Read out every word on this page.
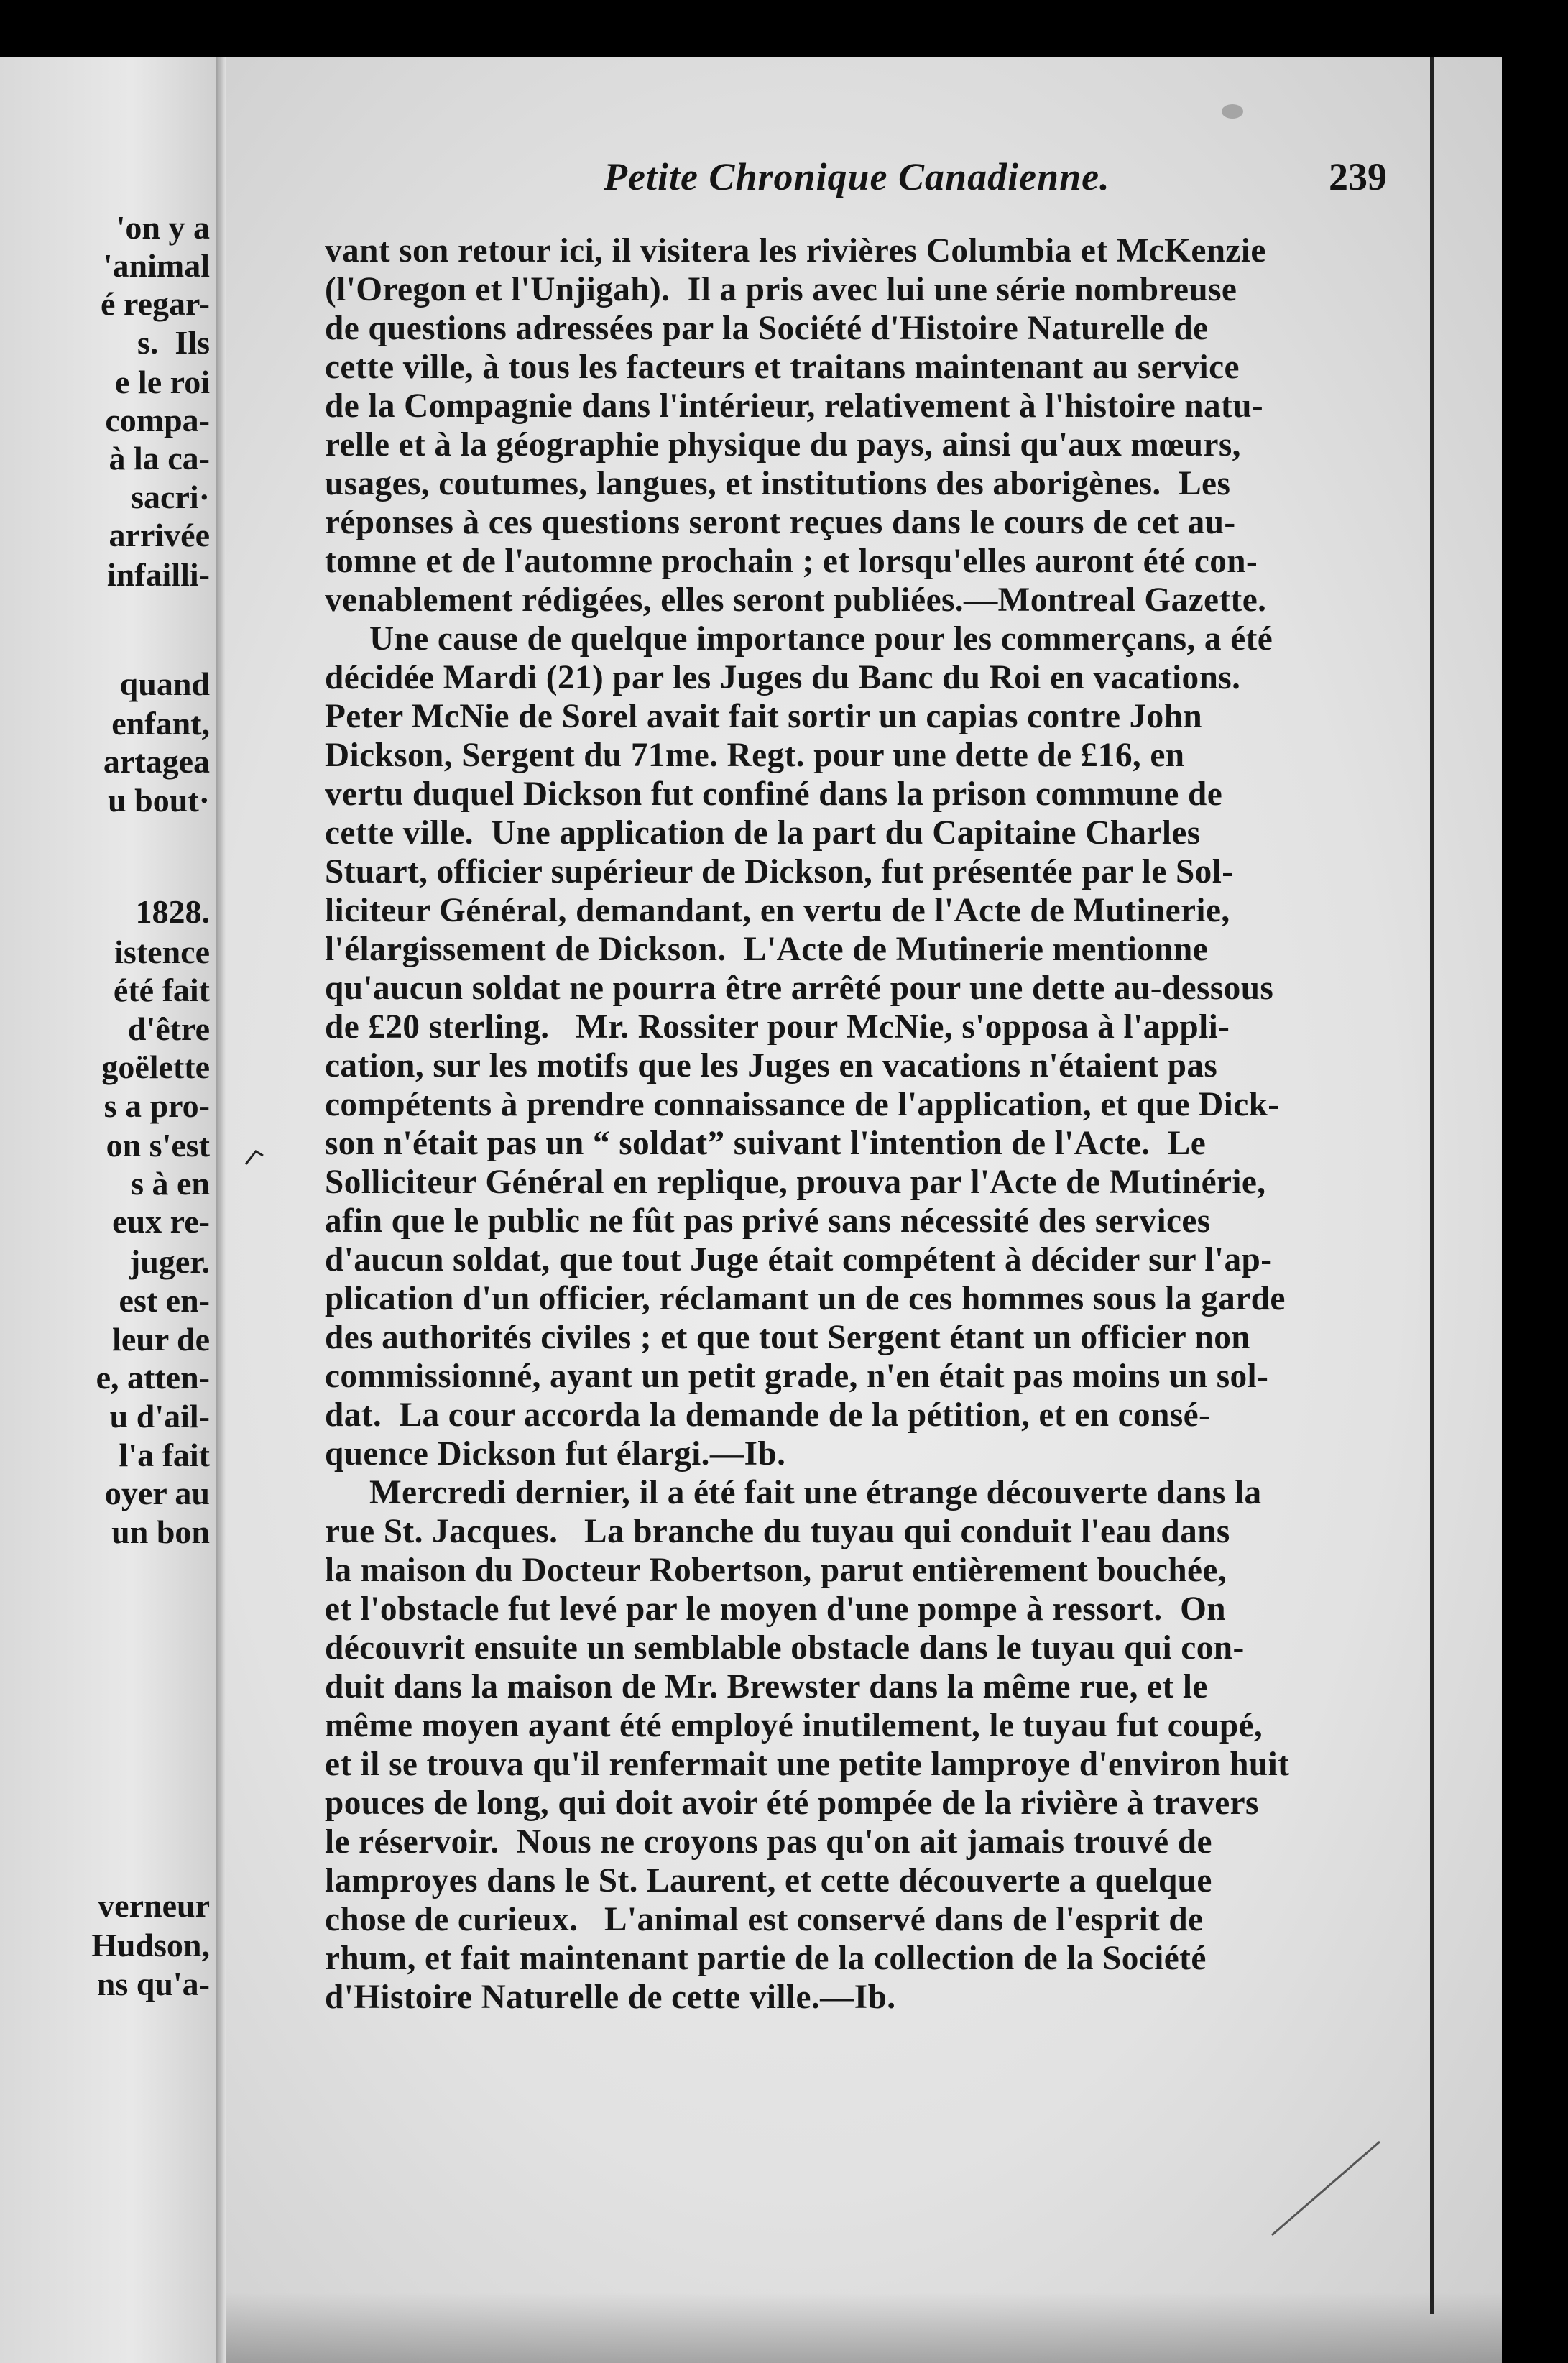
'on y a
'animal
é regar-
s.  Ils
e le roi
compa-
à la ca-
sacri·
arrivée
infailli-
quand
enfant,
artagea
u bout·
1828.
istence
été fait
d'être
goëlette
s a pro-
on s'est
s à en
eux re-
juger.
est en-
leur de
e, atten-
u d'ail-
l'a fait
oyer au
un bon
verneur
Hudson,
ns qu'a-
Petite Chronique Canadienne.	239
vant son retour ici, il visitera les rivières Columbia et McKenzie
(l'Oregon et l'Unjigah).  Il a pris avec lui une série nombreuse
de questions adressées par la Société d'Histoire Naturelle de
cette ville, à tous les facteurs et traitans maintenant au service
de la Compagnie dans l'intérieur, relativement à l'histoire natu-
relle et à la géographie physique du pays, ainsi qu'aux mœurs,
usages, coutumes, langues, et institutions des aborigènes.  Les
réponses à ces questions seront reçues dans le cours de cet au-
tomne et de l'automne prochain ; et lorsqu'elles auront été con-
venablement rédigées, elles seront publiées.—Montreal Gazette.
Une cause de quelque importance pour les commerçans, a été
décidée Mardi (21) par les Juges du Banc du Roi en vacations.
Peter McNie de Sorel avait fait sortir un capias contre John
Dickson, Sergent du 71me. Regt. pour une dette de £16, en
vertu duquel Dickson fut confiné dans la prison commune de
cette ville.  Une application de la part du Capitaine Charles
Stuart, officier supérieur de Dickson, fut présentée par le Sol-
liciteur Général, demandant, en vertu de l'Acte de Mutinerie,
l'élargissement de Dickson.  L'Acte de Mutinerie mentionne
qu'aucun soldat ne pourra être arrêté pour une dette au-dessous
de £20 sterling.   Mr. Rossiter pour McNie, s'opposa à l'appli-
cation, sur les motifs que les Juges en vacations n'étaient pas
compétents à prendre connaissance de l'application, et que Dick-
son n'était pas un “ soldat” suivant l'intention de l'Acte.  Le
Solliciteur Général en replique, prouva par l'Acte de Mutinérie,
afin que le public ne fût pas privé sans nécessité des services
d'aucun soldat, que tout Juge était compétent à décider sur l'ap-
plication d'un officier, réclamant un de ces hommes sous la garde
des authorités civiles ; et que tout Sergent étant un officier non
commissionné, ayant un petit grade, n'en était pas moins un sol-
dat.  La cour accorda la demande de la pétition, et en consé-
quence Dickson fut élargi.—Ib.
Mercredi dernier, il a été fait une étrange découverte dans la
rue St. Jacques.   La branche du tuyau qui conduit l'eau dans
la maison du Docteur Robertson, parut entièrement bouchée,
et l'obstacle fut levé par le moyen d'une pompe à ressort.  On
découvrit ensuite un semblable obstacle dans le tuyau qui con-
duit dans la maison de Mr. Brewster dans la même rue, et le
même moyen ayant été employé inutilement, le tuyau fut coupé,
et il se trouva qu'il renfermait une petite lamproye d'environ huit
pouces de long, qui doit avoir été pompée de la rivière à travers
le réservoir.  Nous ne croyons pas qu'on ait jamais trouvé de
lamproyes dans le St. Laurent, et cette découverte a quelque
chose de curieux.   L'animal est conservé dans de l'esprit de
rhum, et fait maintenant partie de la collection de la Société
d'Histoire Naturelle de cette ville.—Ib.
